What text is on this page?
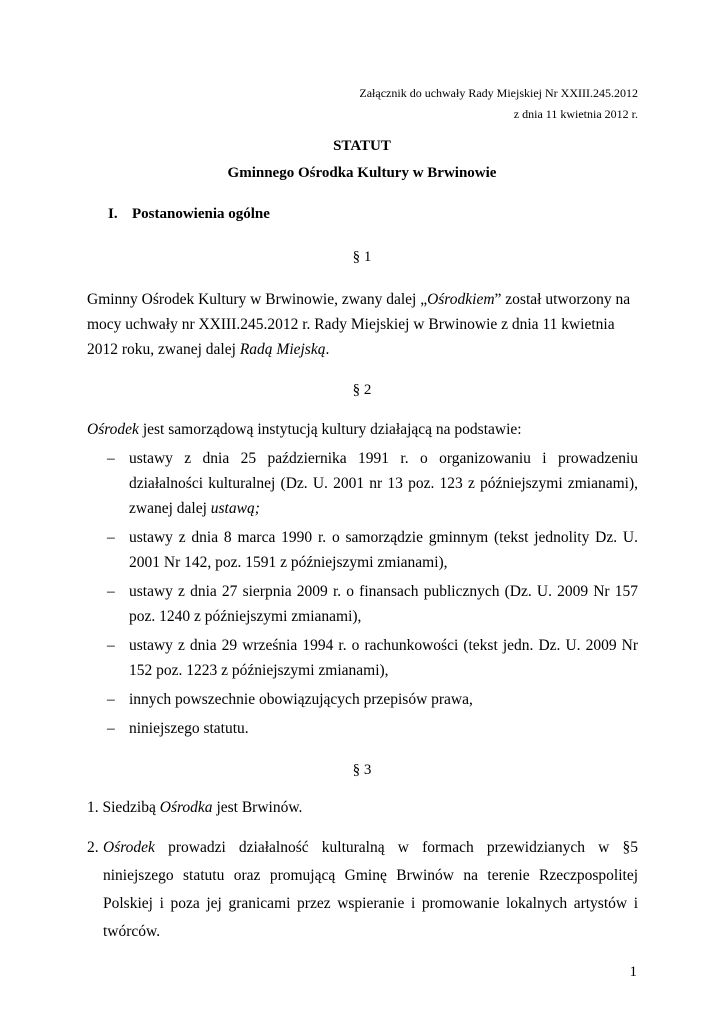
Załącznik do uchwały Rady Miejskiej Nr XXIII.245.2012
z dnia 11 kwietnia 2012 r.
STATUT
Gminnego Ośrodka Kultury w Brwinowie
I. Postanowienia ogólne
§ 1
Gminny Ośrodek Kultury w Brwinowie, zwany dalej „Ośrodkiem” został utworzony na mocy uchwały nr XXIII.245.2012 r. Rady Miejskiej w Brwinowie z dnia 11 kwietnia 2012 roku, zwanej dalej Radą Miejską.
§ 2
Ośrodek jest samorządową instytucją kultury działającą na podstawie:
– ustawy z dnia 25 października 1991 r. o organizowaniu i prowadzeniu działalności kulturalnej (Dz. U. 2001 nr 13 poz. 123 z późniejszymi zmianami), zwanej dalej ustawą;
– ustawy z dnia 8 marca 1990 r. o samorządzie gminnym (tekst jednolity Dz. U. 2001 Nr 142, poz. 1591 z późniejszymi zmianami),
– ustawy z dnia 27 sierpnia 2009 r. o finansach publicznych (Dz. U. 2009 Nr 157 poz. 1240 z późniejszymi zmianami),
– ustawy z dnia 29 września 1994 r. o rachunkowości (tekst jedn. Dz. U. 2009 Nr 152 poz. 1223 z późniejszymi zmianami),
– innych powszechnie obowiązujących przepisów prawa,
– niniejszego statutu.
§ 3
1. Siedzibą Ośrodka jest Brwinów.
2. Ośrodek prowadzi działalność kulturalną w formach przewidzianych w §5 niniejszego statutu oraz promującą Gminę Brwinów na terenie Rzeczpospolitej Polskiej i poza jej granicami przez wspieranie i promowanie lokalnych artystów i twórców.
1
